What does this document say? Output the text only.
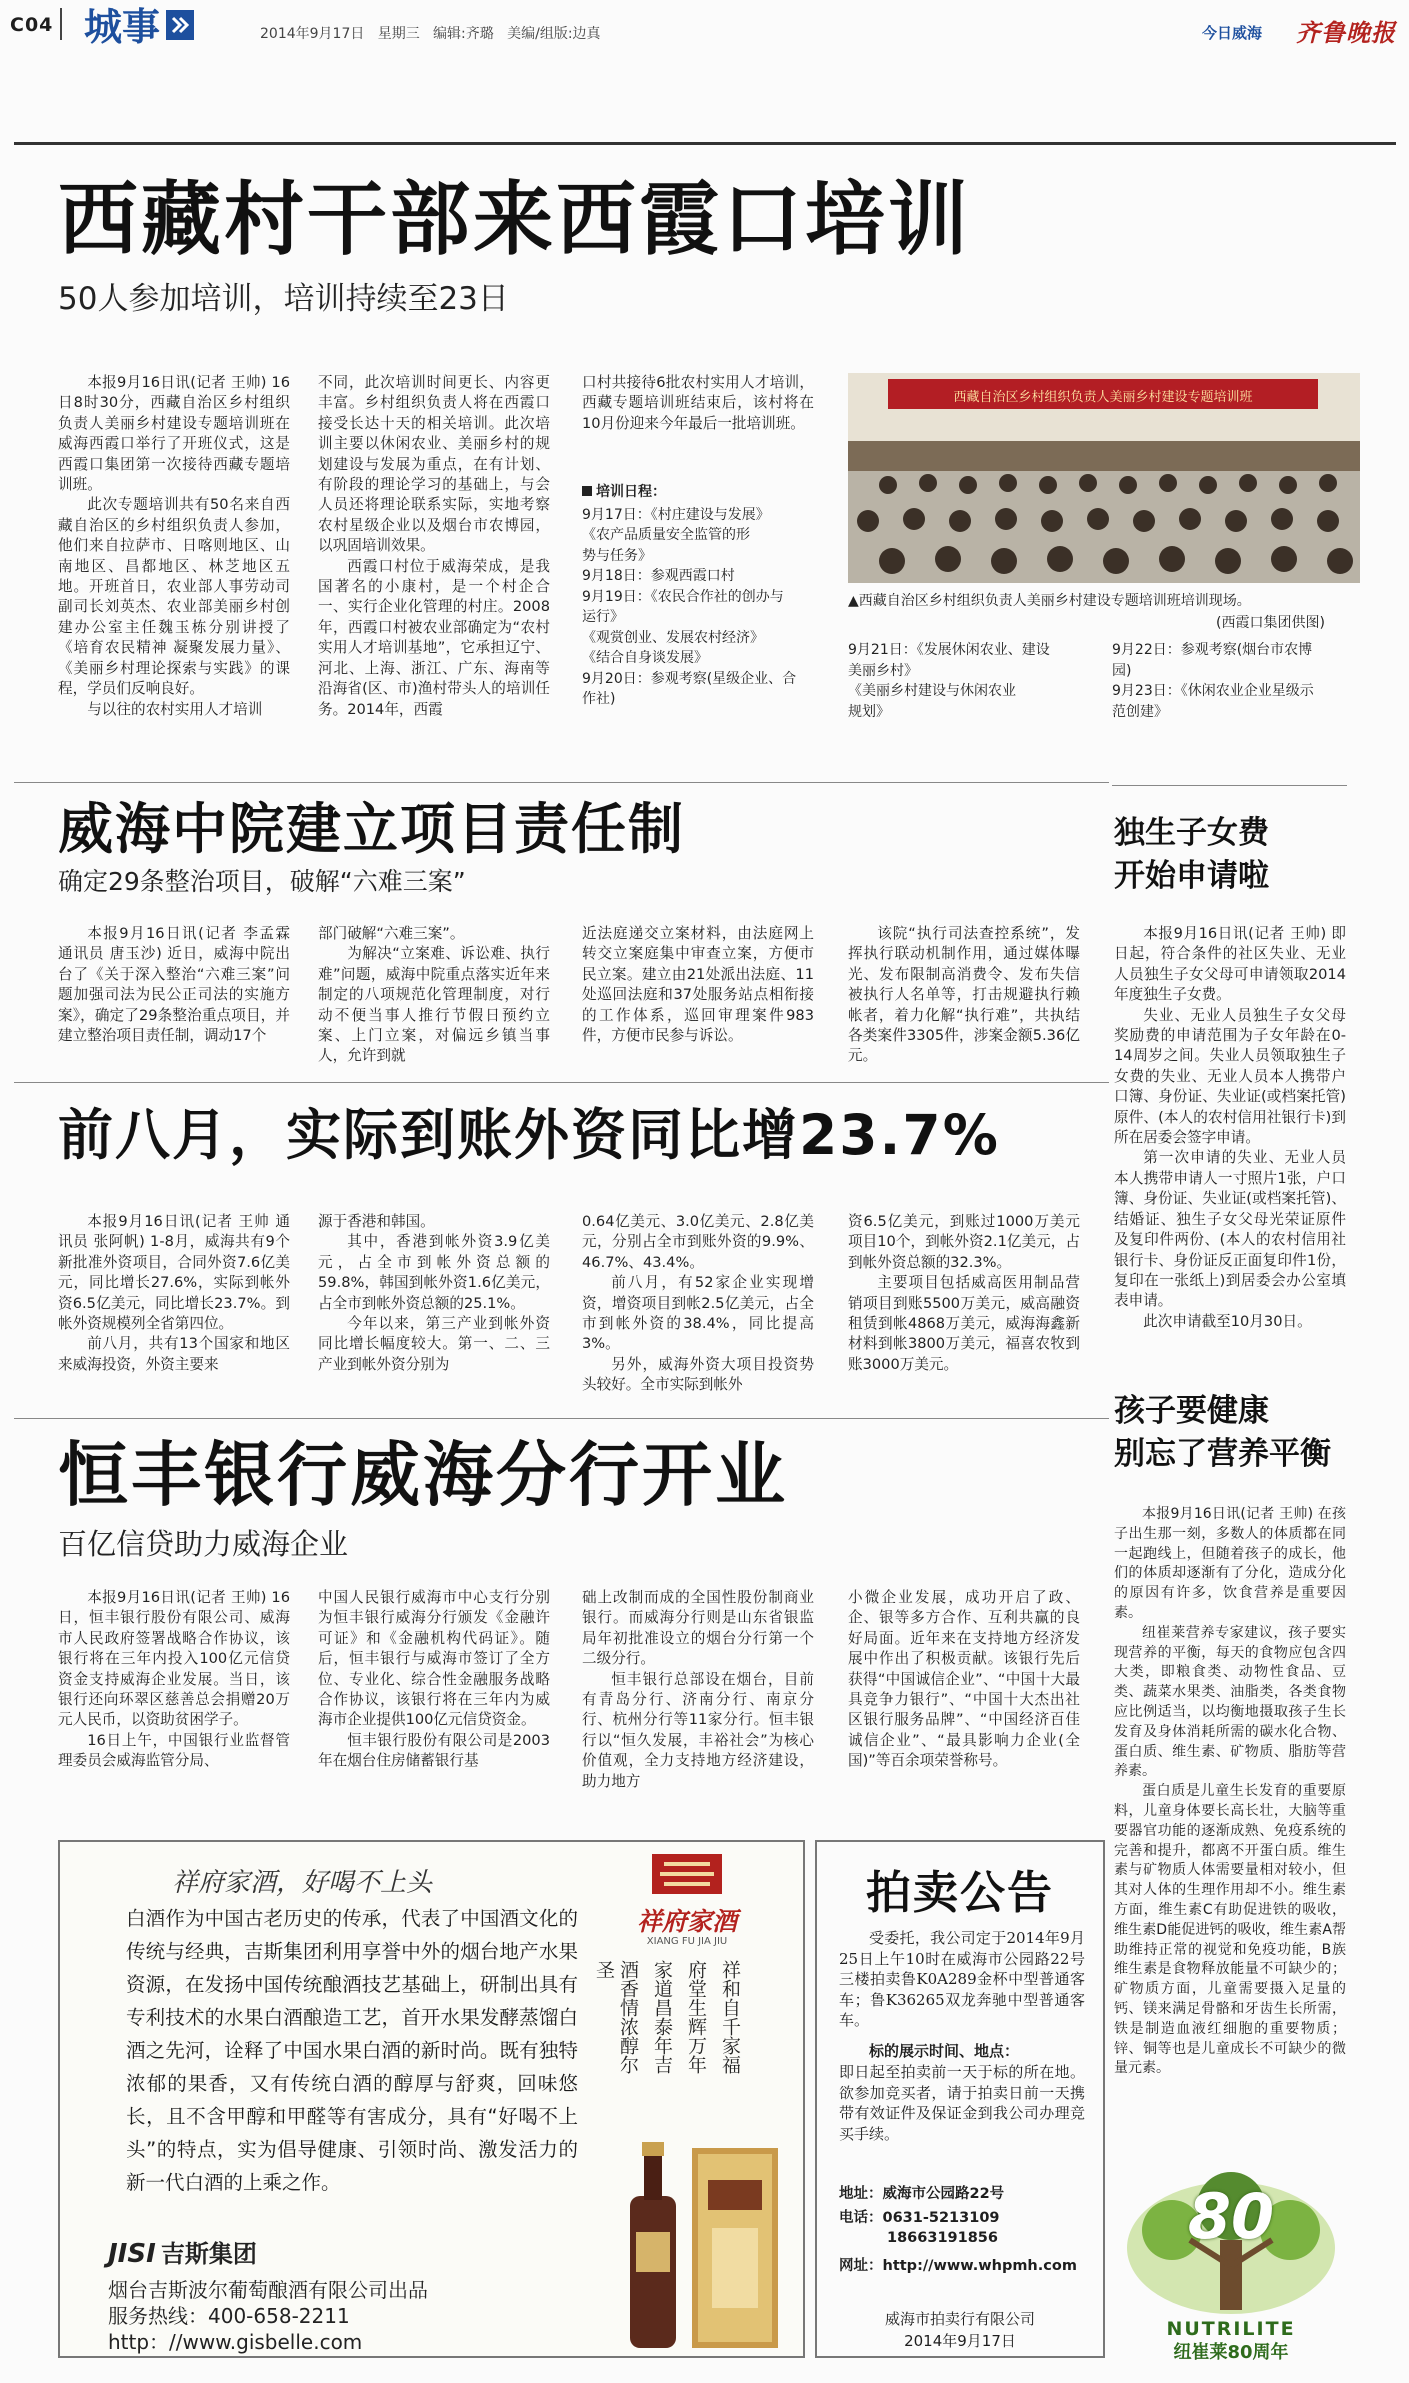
C04 城事	2014年9月17日   星期三   编辑:齐璐   美编/组版:边真	今日威海 齐鲁晚报
西藏村干部来西霞口培训
50人参加培训，培训持续至23日

本报9月16日讯(记者 王帅) 16日8时30分，西藏自治区乡村组织负责人美丽乡村建设专题培训班在威海西霞口举行了开班仪式，这是西霞口集团第一次接待西藏专题培训班。

此次专题培训共有50名来自西藏自治区的乡村组织负责人参加，他们来自拉萨市、日喀则地区、山南地区、昌都地区、林芝地区五地。开班首日，农业部人事劳动司副司长刘英杰、农业部美丽乡村创建办公室主任魏玉栋分别讲授了《培育农民精神 凝聚发展力量》、《美丽乡村理论探索与实践》的课程，学员们反响良好。

与以往的农村实用人才培训

不同，此次培训时间更长、内容更丰富。乡村组织负责人将在西霞口接受长达十天的相关培训。此次培训主要以休闲农业、美丽乡村的规划建设与发展为重点，在有计划、有阶段的理论学习的基础上，与会人员还将理论联系实际，实地考察农村星级企业以及烟台市农博园，以巩固培训效果。

西霞口村位于威海荣成，是我国著名的小康村，是一个村企合一、实行企业化管理的村庄。2008年，西霞口村被农业部确定为“农村实用人才培训基地”，它承担辽宁、河北、上海、浙江、广东、海南等沿海省(区、市)渔村带头人的培训任务。2014年，西霞

口村共接待6批农村实用人才培训，西藏专题培训班结束后，该村将在10月份迎来今年最后一批培训班。

培训日程：
9月17日：《村庄建设与发展》
《农产品质量安全监管的形
势与任务》
9月18日：参观西霞口村
9月19日：《农民合作社的创办与
运行》
《观赏创业、发展农村经济》
《结合自身谈发展》
9月20日：参观考察(星级企业、合
作社)
西藏自治区乡村组织负责人美丽乡村建设专题培训班
▲西藏自治区乡村组织负责人美丽乡村建设专题培训班培训现场。
(西霞口集团供图)
9月21日：《发展休闲农业、建设
美丽乡村》
《美丽乡村建设与休闲农业
规划》
9月22日：参观考察(烟台市农博
园)
9月23日：《休闲农业企业星级示
范创建》
威海中院建立项目责任制
确定29条整治项目，破解“六难三案”

本报9月16日讯(记者 李孟霖 通讯员 唐玉沙) 近日，威海中院出台了《关于深入整治“六难三案”问题加强司法为民公正司法的实施方案》，确定了29条整治重点项目，并建立整治项目责任制，调动17个

部门破解“六难三案”。

为解决“立案难、诉讼难、执行难”问题，威海中院重点落实近年来制定的八项规范化管理制度，对行动不便当事人推行节假日预约立案、上门立案，对偏远乡镇当事人，允许到就

近法庭递交立案材料，由法庭网上转交立案庭集中审查立案，方便市民立案。建立由21处派出法庭、11处巡回法庭和37处服务站点相衔接的工作体系，巡回审理案件983件，方便市民参与诉讼。

该院“执行司法查控系统”，发挥执行联动机制作用，通过媒体曝光、发布限制高消费令、发布失信被执行人名单等，打击规避执行赖帐者，着力化解“执行难”，共执结各类案件3305件，涉案金额5.36亿元。

前八月，实际到账外资同比增23.7%

本报9月16日讯(记者 王帅 通讯员 张阿帆) 1-8月，威海共有9个新批准外资项目，合同外资7.6亿美元，同比增长27.6%，实际到帐外资6.5亿美元，同比增长23.7%。到帐外资规模列全省第四位。

前八月，共有13个国家和地区来威海投资，外资主要来

源于香港和韩国。

其中，香港到帐外资3.9亿美元，占全市到帐外资总额的59.8%，韩国到帐外资1.6亿美元，占全市到帐外资总额的25.1%。

今年以来，第三产业到帐外资同比增长幅度较大。第一、二、三产业到帐外资分别为

0.64亿美元、3.0亿美元、2.8亿美元，分别占全市到账外资的9.9%、46.7%、43.4%。

前八月，有52家企业实现增资，增资项目到帐2.5亿美元，占全市到帐外资的38.4%，同比提高3%。

另外，威海外资大项目投资势头较好。全市实际到帐外

资6.5亿美元，到账过1000万美元项目10个，到帐外资2.1亿美元，占到帐外资总额的32.3%。

主要项目包括威高医用制品营销项目到账5500万美元，威高融资租赁到帐4868万美元，威海海鑫新材料到帐3800万美元，福喜农牧到账3000万美元。

恒丰银行威海分行开业
百亿信贷助力威海企业

本报9月16日讯(记者 王帅) 16日，恒丰银行股份有限公司、威海市人民政府签署战略合作协议，该银行将在三年内投入100亿元信贷资金支持威海企业发展。当日，该银行还向环翠区慈善总会捐赠20万元人民币，以资助贫困学子。

16日上午，中国银行业监督管理委员会威海监管分局、

中国人民银行威海市中心支行分别为恒丰银行威海分行颁发《金融许可证》和《金融机构代码证》。随后，恒丰银行与威海市签订了全方位、专业化、综合性金融服务战略合作协议，该银行将在三年内为威海市企业提供100亿元信贷资金。

恒丰银行股份有限公司是2003年在烟台住房储蓄银行基

础上改制而成的全国性股份制商业银行。而威海分行则是山东省银监局年初批准设立的烟台分行第一个二级分行。

恒丰银行总部设在烟台，目前有青岛分行、济南分行、南京分行、杭州分行等11家分行。恒丰银行以“恒久发展，丰裕社会”为核心价值观，全力支持地方经济建设，助力地方

小微企业发展，成功开启了政、企、银等多方合作、互利共赢的良好局面。近年来在支持地方经济发展中作出了积极贡献。该银行先后获得“中国诚信企业”、“中国十大最具竞争力银行”、“中国十大杰出社区银行服务品牌”、“中国经济百佳诚信企业”、“最具影响力企业(全国)”等百余项荣誉称号。

独生子女费
开始申请啦

本报9月16日讯(记者 王帅) 即日起，符合条件的社区失业、无业人员独生子女父母可申请领取2014年度独生子女费。

失业、无业人员独生子女父母奖励费的申请范围为子女年龄在0-14周岁之间。失业人员领取独生子女费的失业、无业人员本人携带户口簿、身份证、失业证(或档案托管)原件、(本人的农村信用社银行卡)到所在居委会签字申请。

第一次申请的失业、无业人员本人携带申请人一寸照片1张，户口簿、身份证、失业证(或档案托管)、结婚证、独生子女父母光荣证原件及复印件两份、(本人的农村信用社银行卡、身份证反正面复印件1份，复印在一张纸上)到居委会办公室填表申请。

此次申请截至10月30日。

孩子要健康
别忘了营养平衡

本报9月16日讯(记者 王帅) 在孩子出生那一刻，多数人的体质都在同一起跑线上，但随着孩子的成长，他们的体质却逐渐有了分化，造成分化的原因有许多，饮食营养是重要因素。

纽崔莱营养专家建议，孩子要实现营养的平衡，每天的食物应包含四大类，即粮食类、动物性食品、豆类、蔬菜水果类、油脂类，各类食物应比例适当，以均衡地摄取孩子生长发育及身体消耗所需的碳水化合物、蛋白质、维生素、矿物质、脂肪等营养素。

蛋白质是儿童生长发育的重要原料，儿童身体要长高长壮，大脑等重要器官功能的逐渐成熟、免疫系统的完善和提升，都离不开蛋白质。维生素与矿物质人体需要量相对较小，但其对人体的生理作用却不小。维生素方面，维生素C有助促进铁的吸收，维生素D能促进钙的吸收，维生素A帮助维持正常的视觉和免疫功能，B族维生素是食物释放能量不可缺少的；矿物质方面，儿童需要摄入足量的钙、镁来满足骨骼和牙齿生长所需，铁是制造血液红细胞的重要物质；锌、铜等也是儿童成长不可缺少的微量元素。

祥府家酒，好喝不上头
白酒作为中国古老历史的传承，代表了中国酒文化的传统与经典，吉斯集团利用享誉中外的烟台地产水果资源，在发扬中国传统酿酒技艺基础上，研制出具有专利技术的水果白酒酿造工艺，首开水果发酵蒸馏白酒之先河，诠释了中国水果白酒的新时尚。既有独特浓郁的果香，又有传统白酒的醇厚与舒爽，回味悠长，且不含甲醇和甲醛等有害成分，具有“好喝不上头”的特点，实为倡导健康、引领时尚、激发活力的新一代白酒的上乘之作。
JISI 吉斯集团
烟台吉斯波尔葡萄酿酒有限公司出品
服务热线：400-658-2211
http：//www.gisbelle.com
祥府家酒
XIANG FU JIA JIU
酒香情浓醇尔圣	家道昌泰年吉 府堂生辉万年 祥和自千家福
拍卖公告
受委托，我公司定于2014年9月25日上午10时在威海市公园路22号三楼拍卖鲁K0A289金杯中型普通客车；鲁K36265双龙奔驰中型普通客车。
标的展示时间、地点：
即日起至拍卖前一天于标的所在地。欲参加竞买者，请于拍卖日前一天携带有效证件及保证金到我公司办理竞买手续。
地址：威海市公园路22号
电话：0631-5213109
18663191856
网址：http://www.whpmh.com
威海市拍卖行有限公司
2014年9月17日
80
NUTRILITE
纽崔莱80周年
